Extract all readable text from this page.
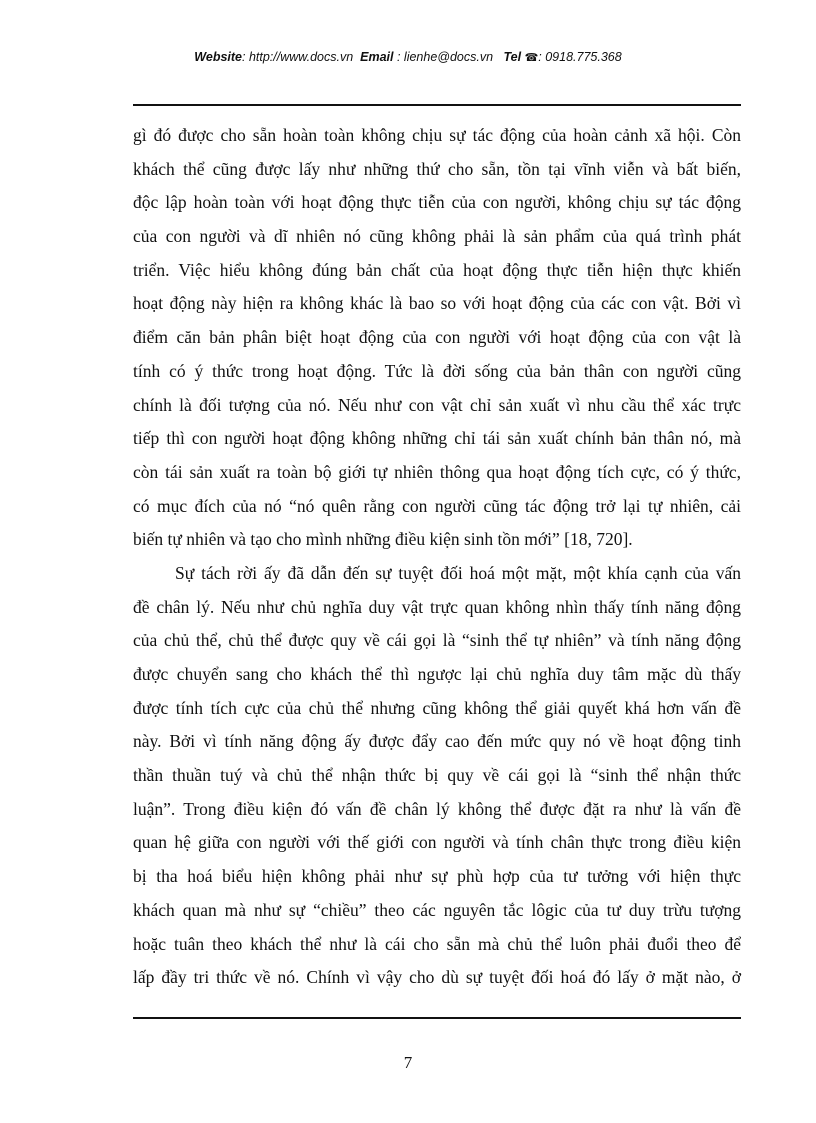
Website: http://www.docs.vn Email : lienhe@docs.vn Tel ☎: 0918.775.368
gì đó được cho sẵn hoàn toàn không chịu sự tác động của hoàn cảnh xã hội. Còn
khách thể cũng được lấy như những thứ cho sẵn, tồn tại vĩnh viễn và bất biến,
độc lập hoàn toàn với hoạt động thực tiễn của con người, không chịu sự tác động
của con người và dĩ nhiên nó cũng không phải là sản phẩm của quá trình phát
triển. Việc hiểu không đúng bản chất của hoạt động thực tiễn hiện thực khiến
hoạt động này hiện ra không khác là bao so với hoạt động của các con vật. Bởi vì
điểm căn bản phân biệt hoạt động của con người với hoạt động của con vật là
tính có ý thức trong hoạt động. Tức là đời sống của bản thân con người cũng
chính là đối tượng của nó. Nếu như con vật chỉ sản xuất vì nhu cầu thể xác trực
tiếp thì con người hoạt động không những chỉ tái sản xuất chính bản thân nó, mà
còn tái sản xuất ra toàn bộ giới tự nhiên thông qua hoạt động tích cực, có ý thức,
có mục đích của nó “nó quên rằng con người cũng tác động trở lại tự nhiên, cải
biến tự nhiên và tạo cho mình những điều kiện sinh tồn mới” [18, 720].
Sự tách rời ấy đã dẫn đến sự tuyệt đối hoá một mặt, một khía cạnh của vấn
đề chân lý. Nếu như chủ nghĩa duy vật trực quan không nhìn thấy tính năng động
của chủ thể, chủ thể được quy về cái gọi là “sinh thể tự nhiên” và tính năng động
được chuyển sang cho khách thể thì ngược lại chủ nghĩa duy tâm mặc dù thấy
được tính tích cực của chủ thể nhưng cũng không thể giải quyết khá hơn vấn đề
này. Bởi vì tính năng động ấy được đẩy cao đến mức quy nó về hoạt động tinh
thần thuần tuý và chủ thể nhận thức bị quy về cái gọi là “sinh thể nhận thức
luận”. Trong điều kiện đó vấn đề chân lý không thể được đặt ra như là vấn đề
quan hệ giữa con người với thế giới con người và tính chân thực trong điều kiện
bị tha hoá biểu hiện không phải như sự phù hợp của tư tưởng với hiện thực
khách quan mà như sự “chiều” theo các nguyên tắc lôgic của tư duy trừu tượng
hoặc tuân theo khách thể như là cái cho sẵn mà chủ thể luôn phải đuổi theo để
lấp đầy tri thức về nó. Chính vì vậy cho dù sự tuyệt đối hoá đó lấy ở mặt nào, ở
7
